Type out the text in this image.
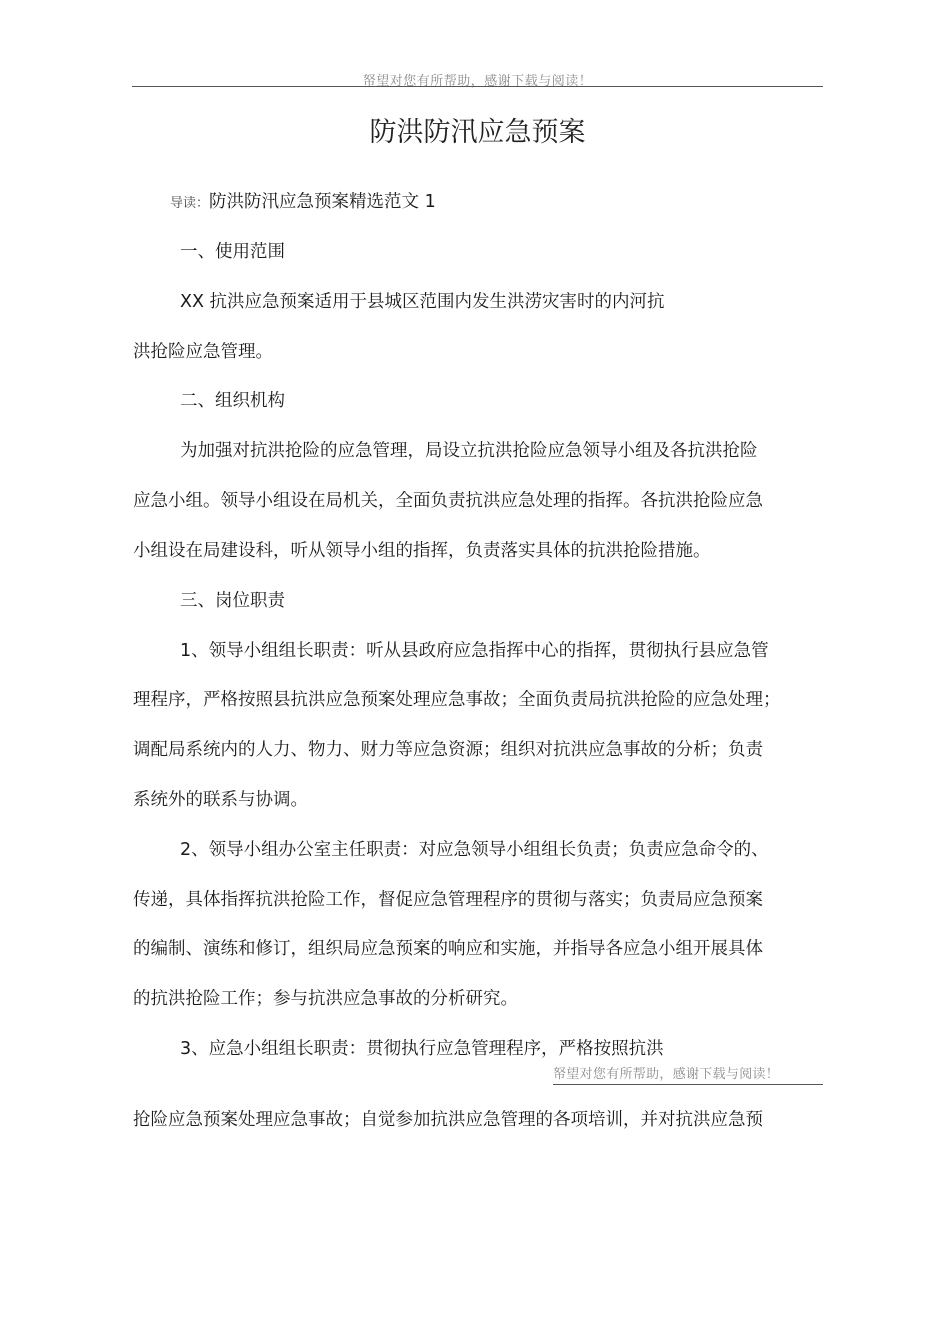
帑望对您有所帮助，感谢下载与阅读！
防洪防汛应急预案
导读：防洪防汛应急预案精选范文 1
一、使用范围
XX 抗洪应急预案适用于县城区范围内发生洪涝灾害时的内河抗
洪抢险应急管理。
二、组织机构
为加强对抗洪抢险的应急管理，局设立抗洪抢险应急领导小组及各抗洪抢险
应急小组。领导小组设在局机关，全面负责抗洪应急处理的指挥。各抗洪抢险应急
小组设在局建设科，听从领导小组的指挥，负责落实具体的抗洪抢险措施。
三、岗位职责
1、领导小组组长职责：听从县政府应急指挥中心的指挥，贯彻执行县应急管
理程序，严格按照县抗洪应急预案处理应急事故；全面负责局抗洪抢险的应急处理；
调配局系统内的人力、物力、财力等应急资源；组织对抗洪应急事故的分析；负责
系统外的联系与协调。
2、领导小组办公室主任职责：对应急领导小组组长负责；负责应急命令的、
传递，具体指挥抗洪抢险工作，督促应急管理程序的贯彻与落实；负责局应急预案
的编制、演练和修订，组织局应急预案的响应和实施，并指导各应急小组开展具体
的抗洪抢险工作；参与抗洪应急事故的分析研究。
3、应急小组组长职责：贯彻执行应急管理程序，严格按照抗洪
帑望对您有所帮助，感谢下载与阅读！
抢险应急预案处理应急事故；自觉参加抗洪应急管理的各项培训，并对抗洪应急预
